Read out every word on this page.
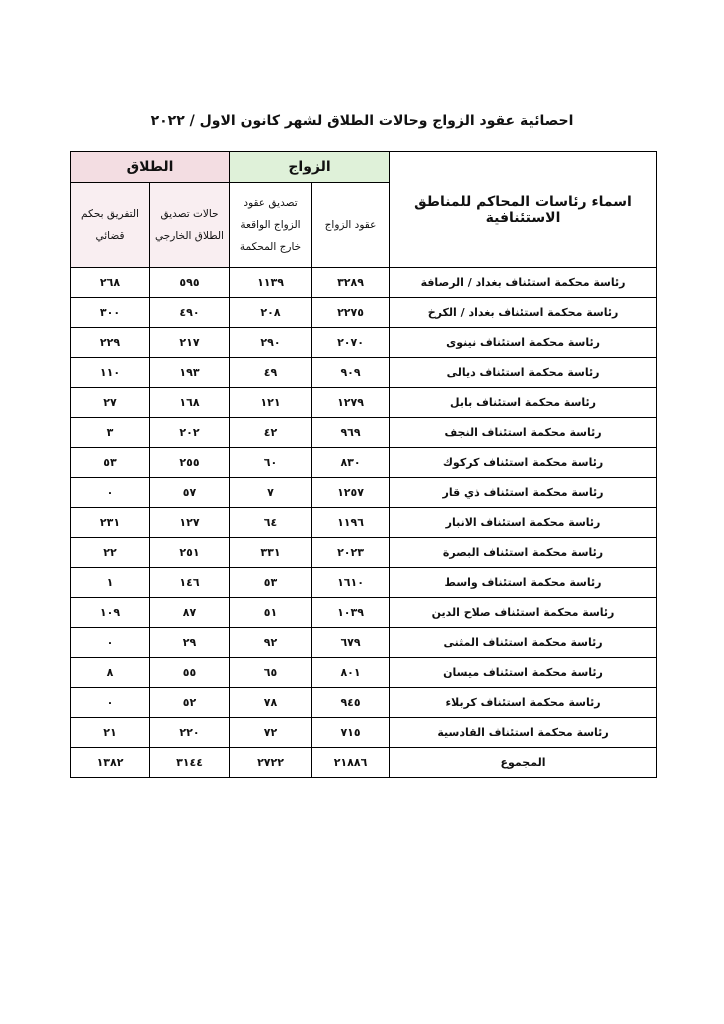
احصائية عقود الزواج وحالات الطلاق لشهر كانون الاول / ٢٠٢٢
اسماء رئاسات المحاكم للمناطق الاستئنافية	الزواج		الطلاق	
	عقود الزواج	تصديق عقود الزواج الواقعة خارج المحكمة	حالات تصديق الطلاق الخارجي	التفريق بحكم قضائي
رئاسة محكمة استئناف بغداد / الرصافة	٣٢٨٩	١١٣٩	٥٩٥	٢٦٨
رئاسة محكمة استئناف بغداد / الكرخ	٢٢٧٥	٢٠٨	٤٩٠	٣٠٠
رئاسة محكمة استئناف نينوى	٢٠٧٠	٢٩٠	٢١٧	٢٢٩
رئاسة محكمة استئناف ديالى	٩٠٩	٤٩	١٩٣	١١٠
رئاسة محكمة استئناف بابل	١٢٧٩	١٢١	١٦٨	٢٧
رئاسة محكمة استئناف النجف	٩٦٩	٤٢	٢٠٢	٣
رئاسة محكمة استئناف كركوك	٨٣٠	٦٠	٢٥٥	٥٣
رئاسة محكمة استئناف ذي قار	١٢٥٧	٧	٥٧	٠
رئاسة محكمة استئناف الانبار	١١٩٦	٦٤	١٢٧	٢٣١
رئاسة محكمة استئناف البصرة	٢٠٢٣	٣٣١	٢٥١	٢٢
رئاسة محكمة استئناف واسط	١٦١٠	٥٣	١٤٦	١
رئاسة محكمة استئناف صلاح الدين	١٠٣٩	٥١	٨٧	١٠٩
رئاسة محكمة استئناف المثنى	٦٧٩	٩٢	٢٩	٠
رئاسة محكمة استئناف ميسان	٨٠١	٦٥	٥٥	٨
رئاسة محكمة استئناف كربلاء	٩٤٥	٧٨	٥٢	٠
رئاسة محكمة استئناف القادسية	٧١٥	٧٢	٢٢٠	٢١
المجموع	٢١٨٨٦	٢٧٢٢	٣١٤٤	١٣٨٢
